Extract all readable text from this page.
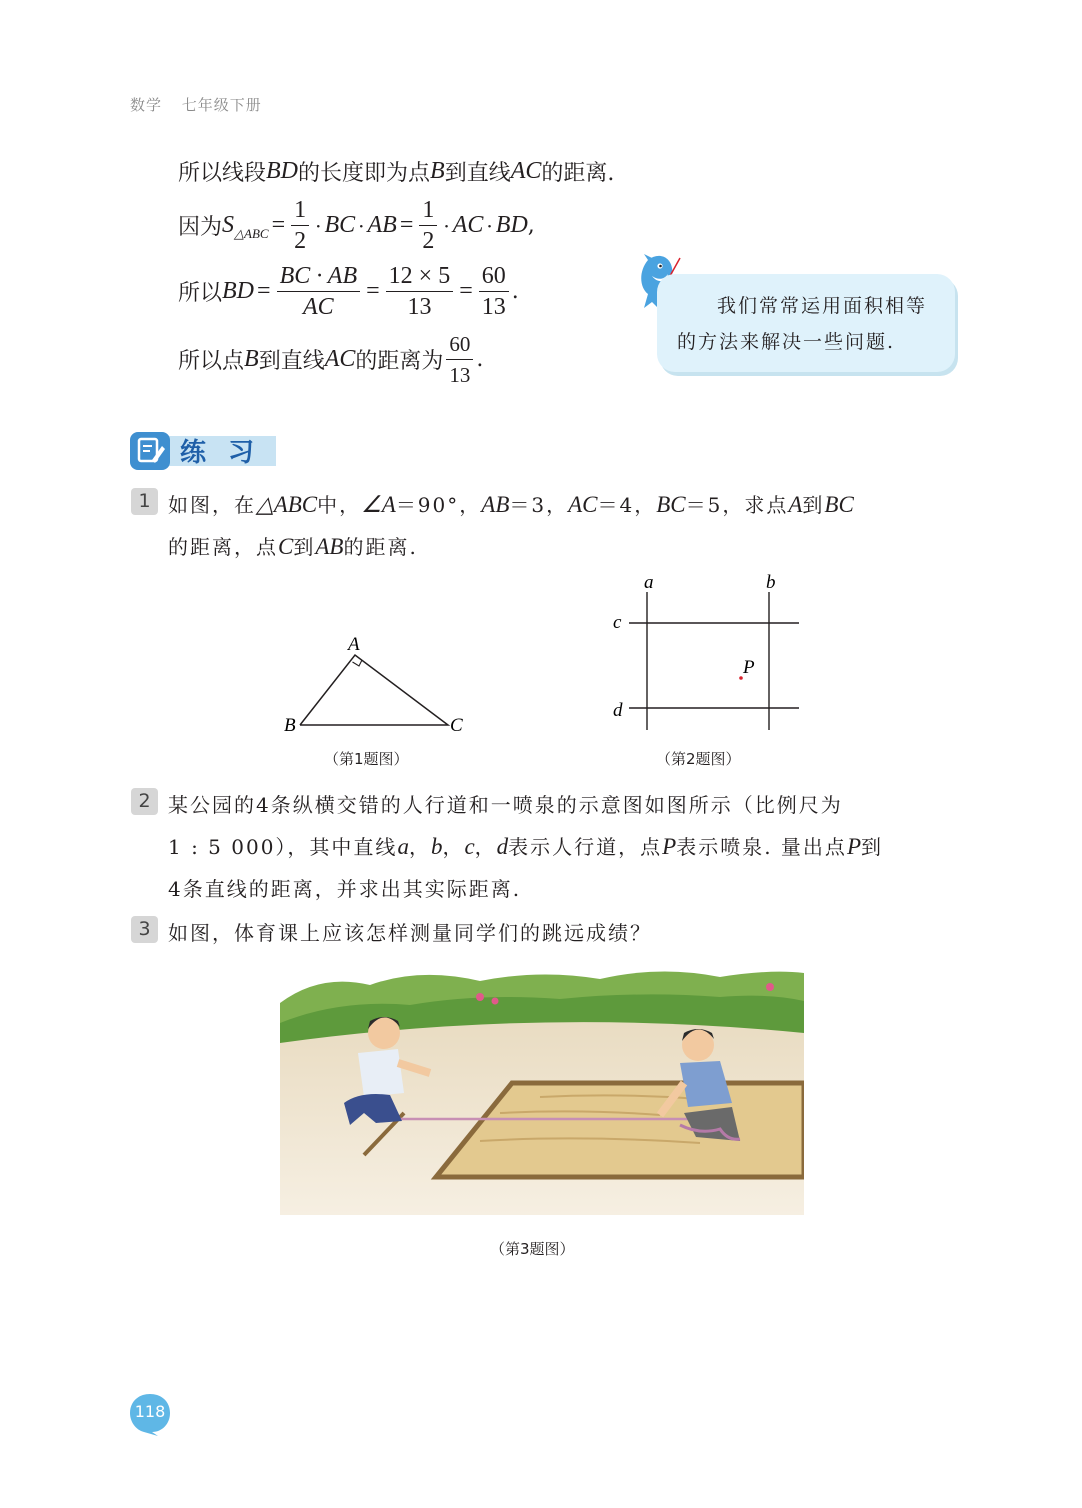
数学 七年级下册
所以线段 BD 的长度即为点 B 到直线 AC 的距离.
因为 S △ABC = $\frac{1}{2}$ · BC · AB = $\frac{1}{2}$ · AC · BD ,
所以 BD = $\frac{BC \cdot AB}{AC} = \frac{12 \times 5}{13} = \frac{60}{13}$ .
所以点 B 到直线 AC 的距离为 $\frac{60}{13}$ .
我们常常运用面积相等
的方法来解决一些问题.
练习
1 如图，在△ABC中，∠A＝90°，AB＝3，AC＝4，BC＝5，求点A到BC
的距离，点C到AB的距离.
A
B	C
（第1题图）
a	b
c
d
P
（第2题图）
2 某公园的4条纵横交错的人行道和一喷泉的示意图如图所示（比例尺为
1 : 5 000），其中直线a，b，c，d表示人行道，点P表示喷泉. 量出点P到
4条直线的距离，并求出其实际距离.
3 如图，体育课上应该怎样测量同学们的跳远成绩？
（第3题图）
118
